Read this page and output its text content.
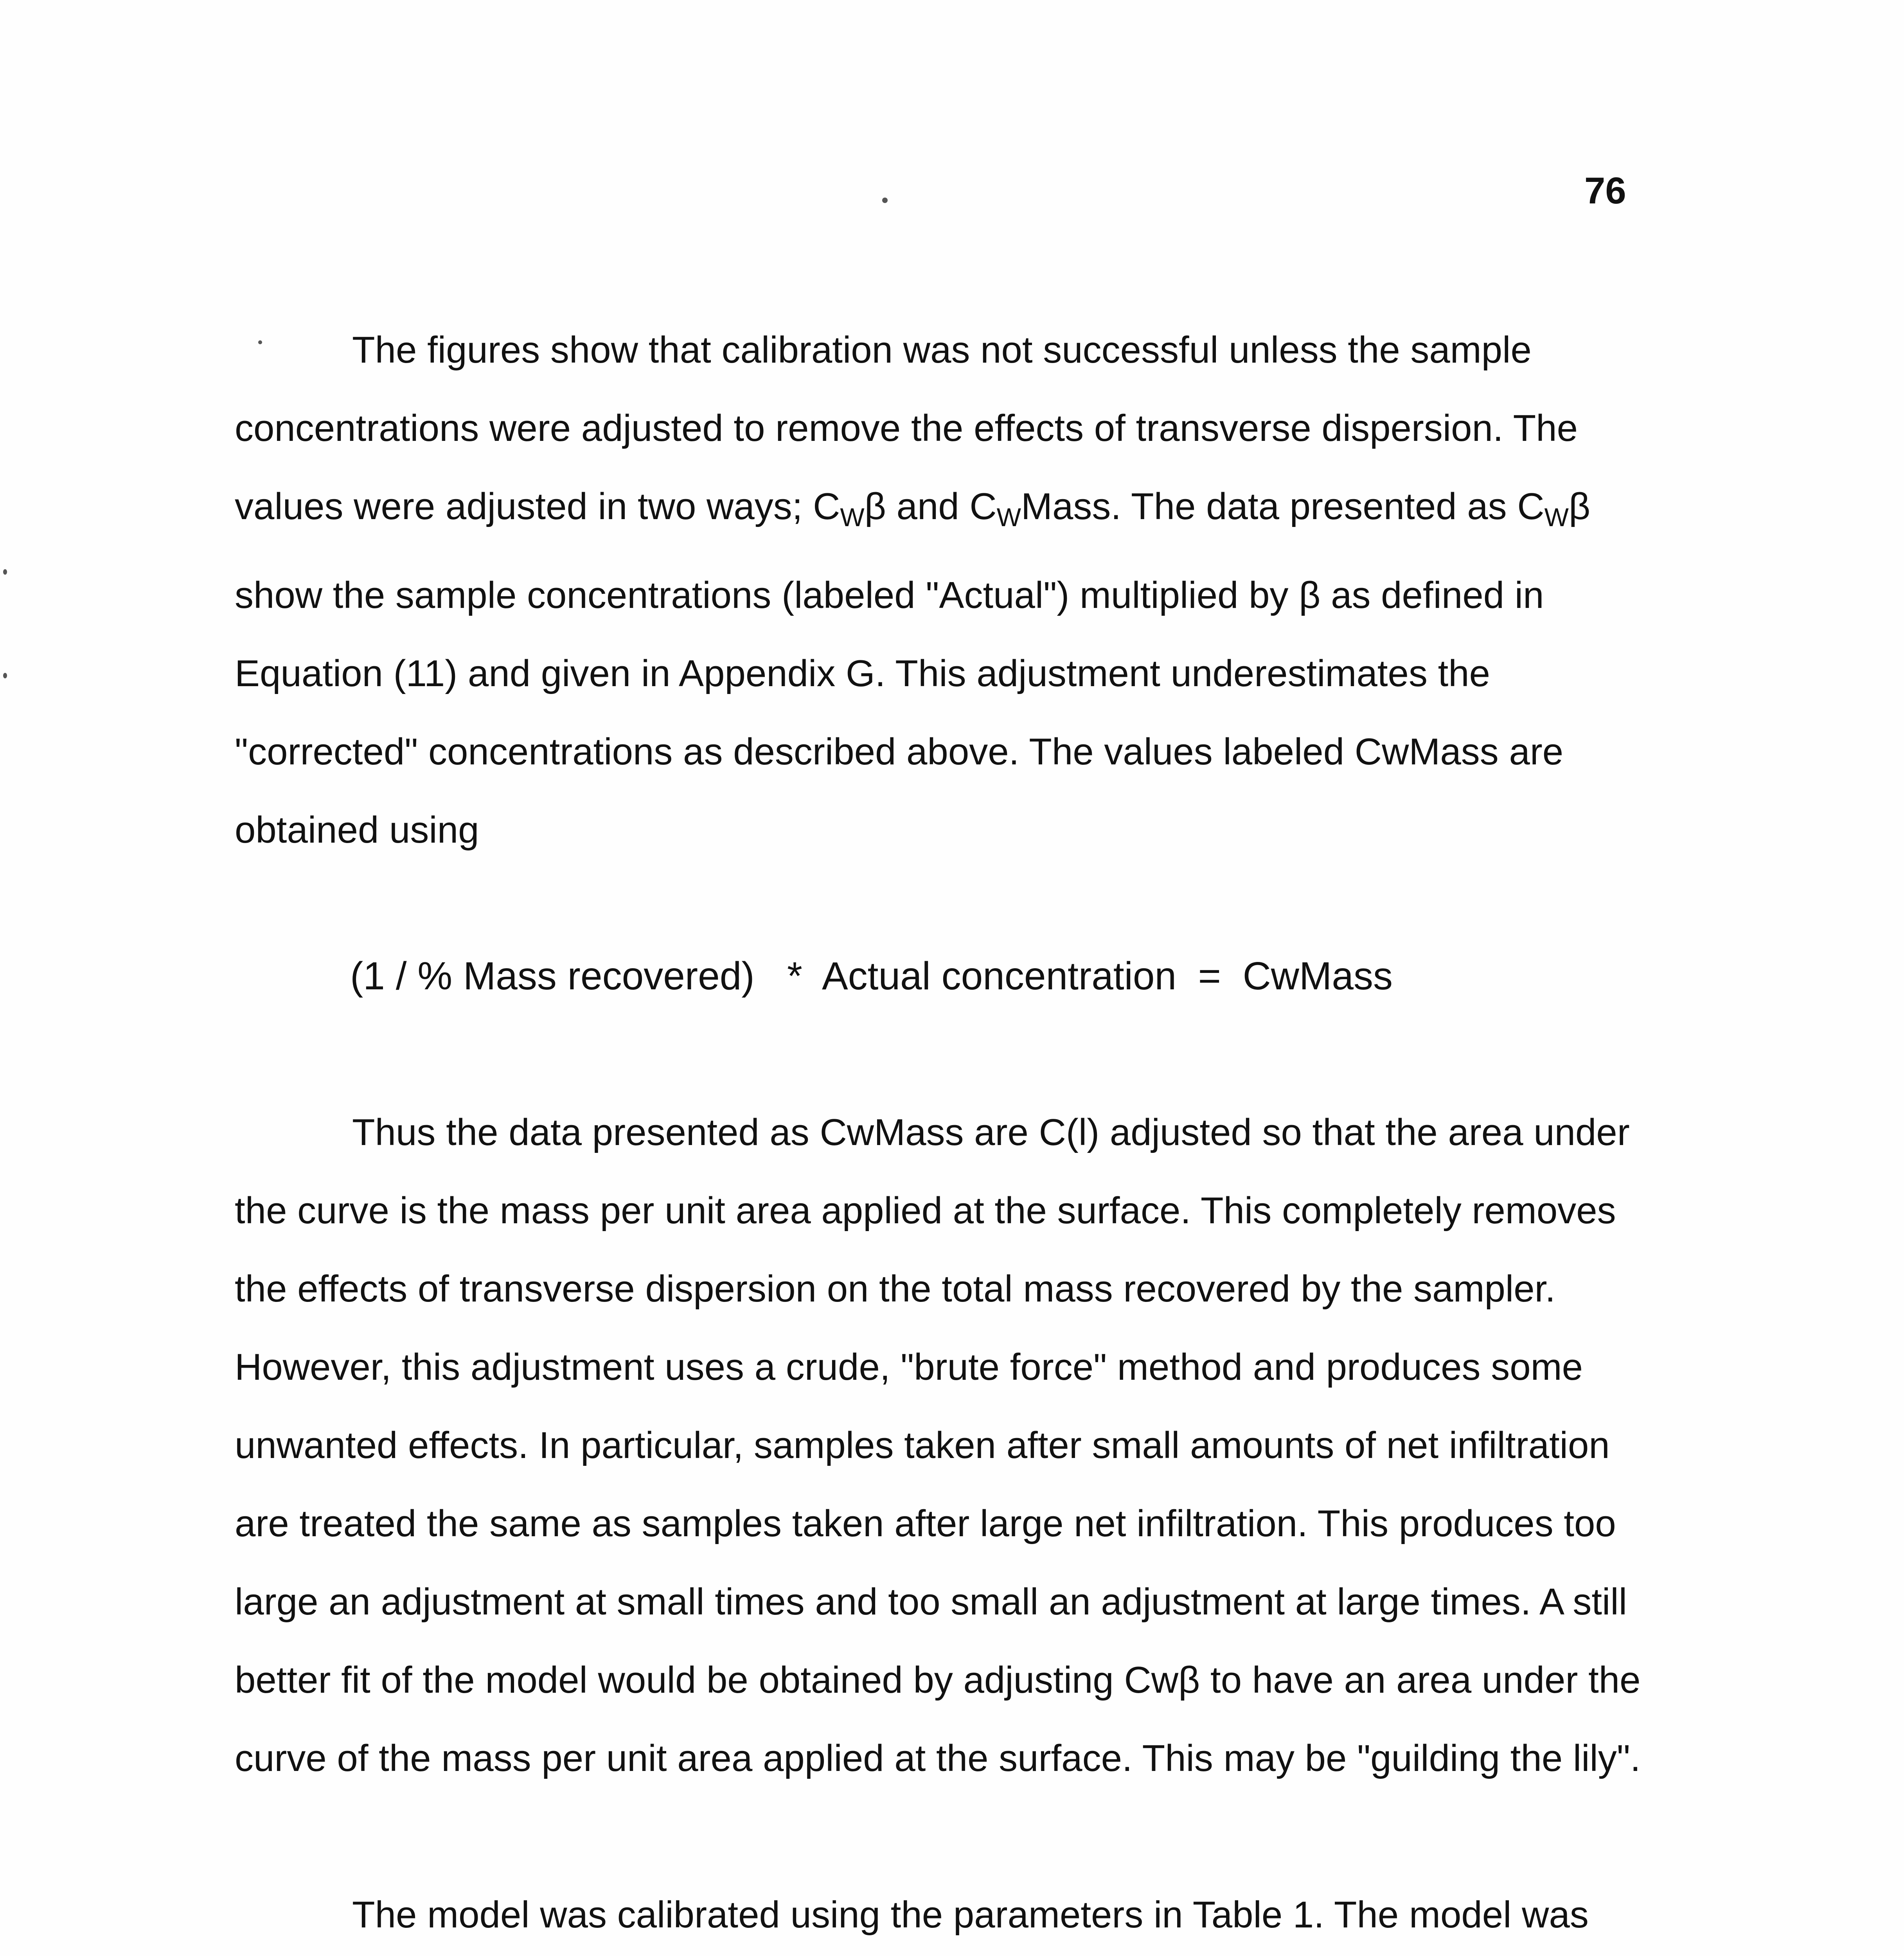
76
The figures show that calibration was not successful unless the sample concentrations were adjusted to remove the effects of transverse dispersion. The values were adjusted in two ways; $C_W\beta$ and $C_WMass$. The data presented as $C_W\beta$ show the sample concentrations (labeled "Actual") multiplied by β as defined in Equation (11) and given in Appendix G. This adjustment underestimates the "corrected" concentrations as described above. The values labeled CwMass are obtained using
(1 / % Mass recovered)   *  Actual concentration  =  CwMass
Thus the data presented as CwMass are C(l) adjusted so that the area under the curve is the mass per unit area applied at the surface. This completely removes the effects of transverse dispersion on the total mass recovered by the sampler. However, this adjustment uses a crude, "brute force" method and produces some unwanted effects. In particular, samples taken after small amounts of net infiltration are treated the same as samples taken after large net infiltration. This produces too large an adjustment at small times and too small an adjustment at large times. A still better fit of the model would be obtained by adjusting Cwβ to have an area under the curve of the mass per unit area applied at the surface. This may be "guilding the lily".
The model was calibrated using the parameters in Table 1. The model was
